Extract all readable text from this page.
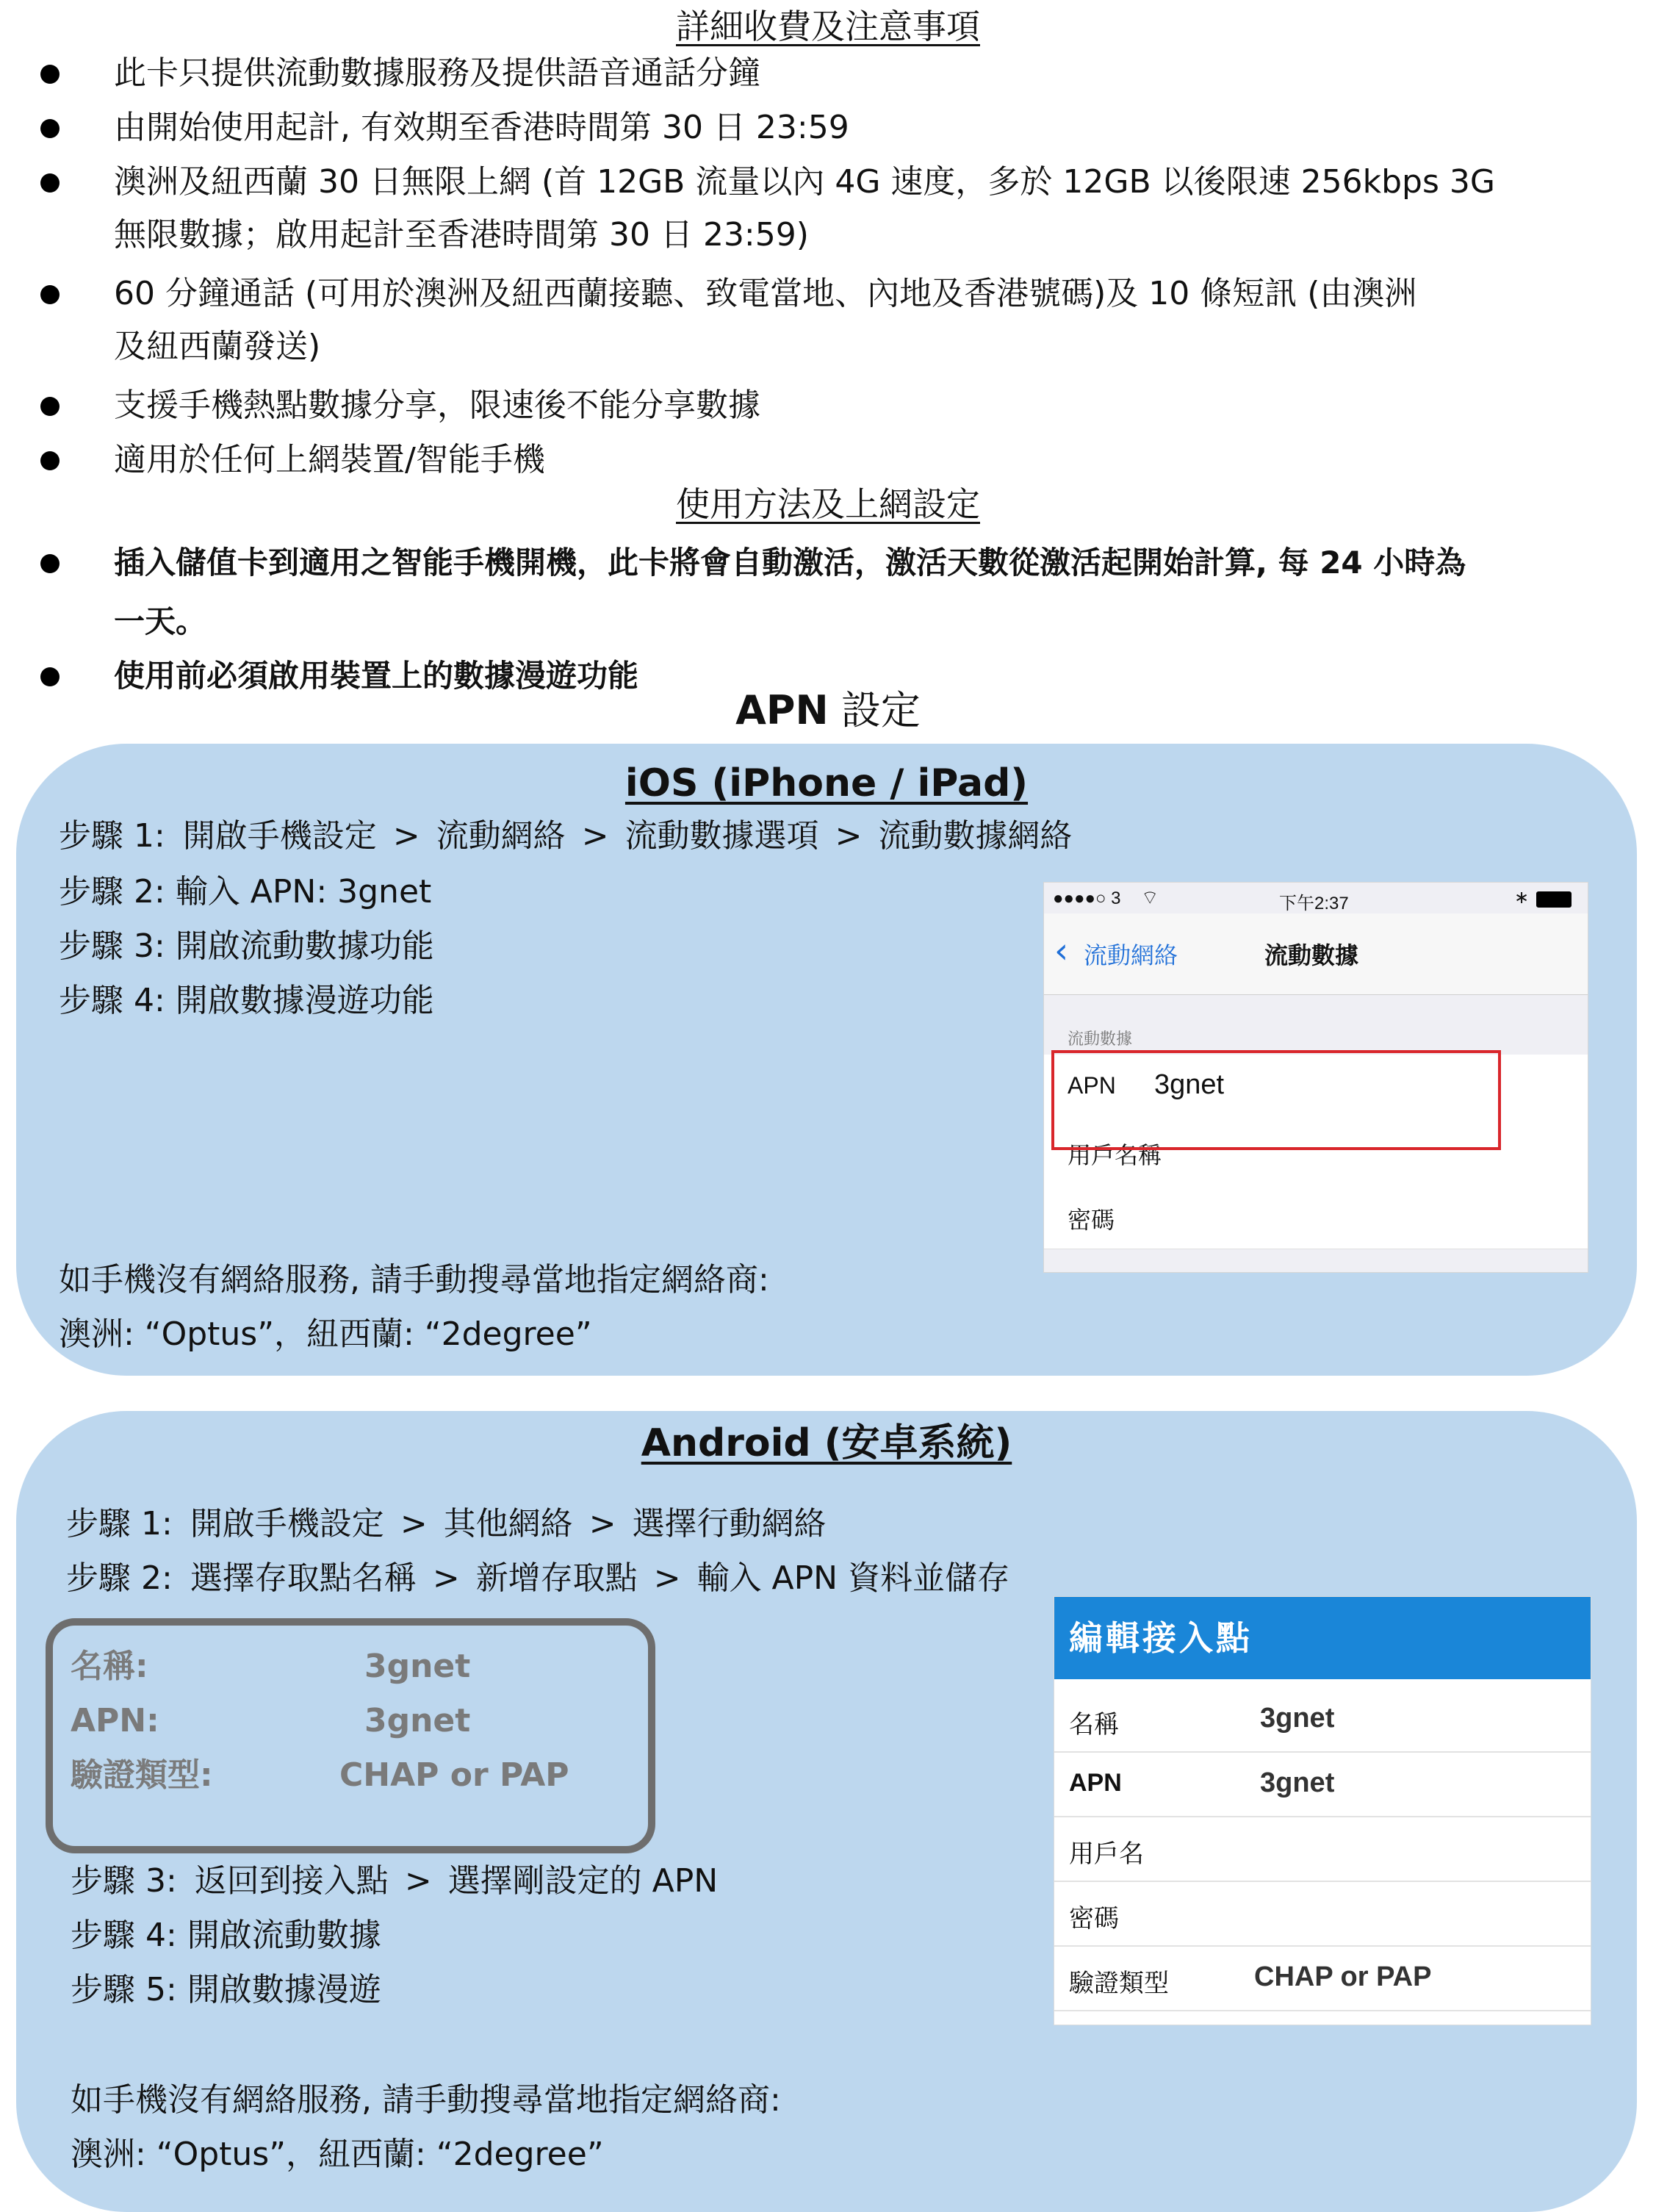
詳細收費及注意事項
此卡只提供流動數據服務及提供語音通話分鐘
由開始使用起計, 有效期至香港時間第 30 日 23:59
澳洲及紐西蘭 30 日無限上網 (首 12GB 流量以內 4G 速度，多於 12GB 以後限速 256kbps 3G
無限數據；啟用起計至香港時間第 30 日 23:59)
60 分鐘通話 (可用於澳洲及紐西蘭接聽、致電當地、內地及香港號碼)及 10 條短訊 (由澳洲
及紐西蘭發送)
支援手機熱點數據分享，限速後不能分享數據
適用於任何上網裝置/智能手機
使用方法及上網設定
插入儲值卡到適用之智能手機開機，此卡將會自動激活，激活天數從激活起開始計算, 每 24 小時為
一天。
使用前必須啟用裝置上的數據漫遊功能
APN 設定
iOS (iPhone / iPad)
步驟 1: 開啟手機設定 > 流動網絡 > 流動數據選項 > 流動數據網絡
步驟 2: 輸入 APN: 3gnet
步驟 3: 開啟流動數據功能
步驟 4: 開啟數據漫遊功能
如手機沒有網絡服務, 請手動搜尋當地指定網絡商:
澳洲: “Optus”，紐西蘭: “2degree”
●●●●○ 3 ⌔	下午2:37	∗
‹ 流動網絡	流動數據
流動數據
APN 3gnet
用戶名稱
密碼
Android (安卓系統)
步驟 1: 開啟手機設定 > 其他網絡 > 選擇行動網絡
步驟 2: 選擇存取點名稱 > 新增存取點 > 輸入 APN 資料並儲存
名稱:	3gnet
APN:	3gnet
驗證類型:	CHAP or PAP
步驟 3: 返回到接入點 > 選擇剛設定的 APN
步驟 4: 開啟流動數據
步驟 5: 開啟數據漫遊
如手機沒有網絡服務, 請手動搜尋當地指定網絡商:
澳洲: “Optus”，紐西蘭: “2degree”
編輯接入點
名稱	3gnet
APN	3gnet
用戶名
密碼
驗證類型	CHAP or PAP
